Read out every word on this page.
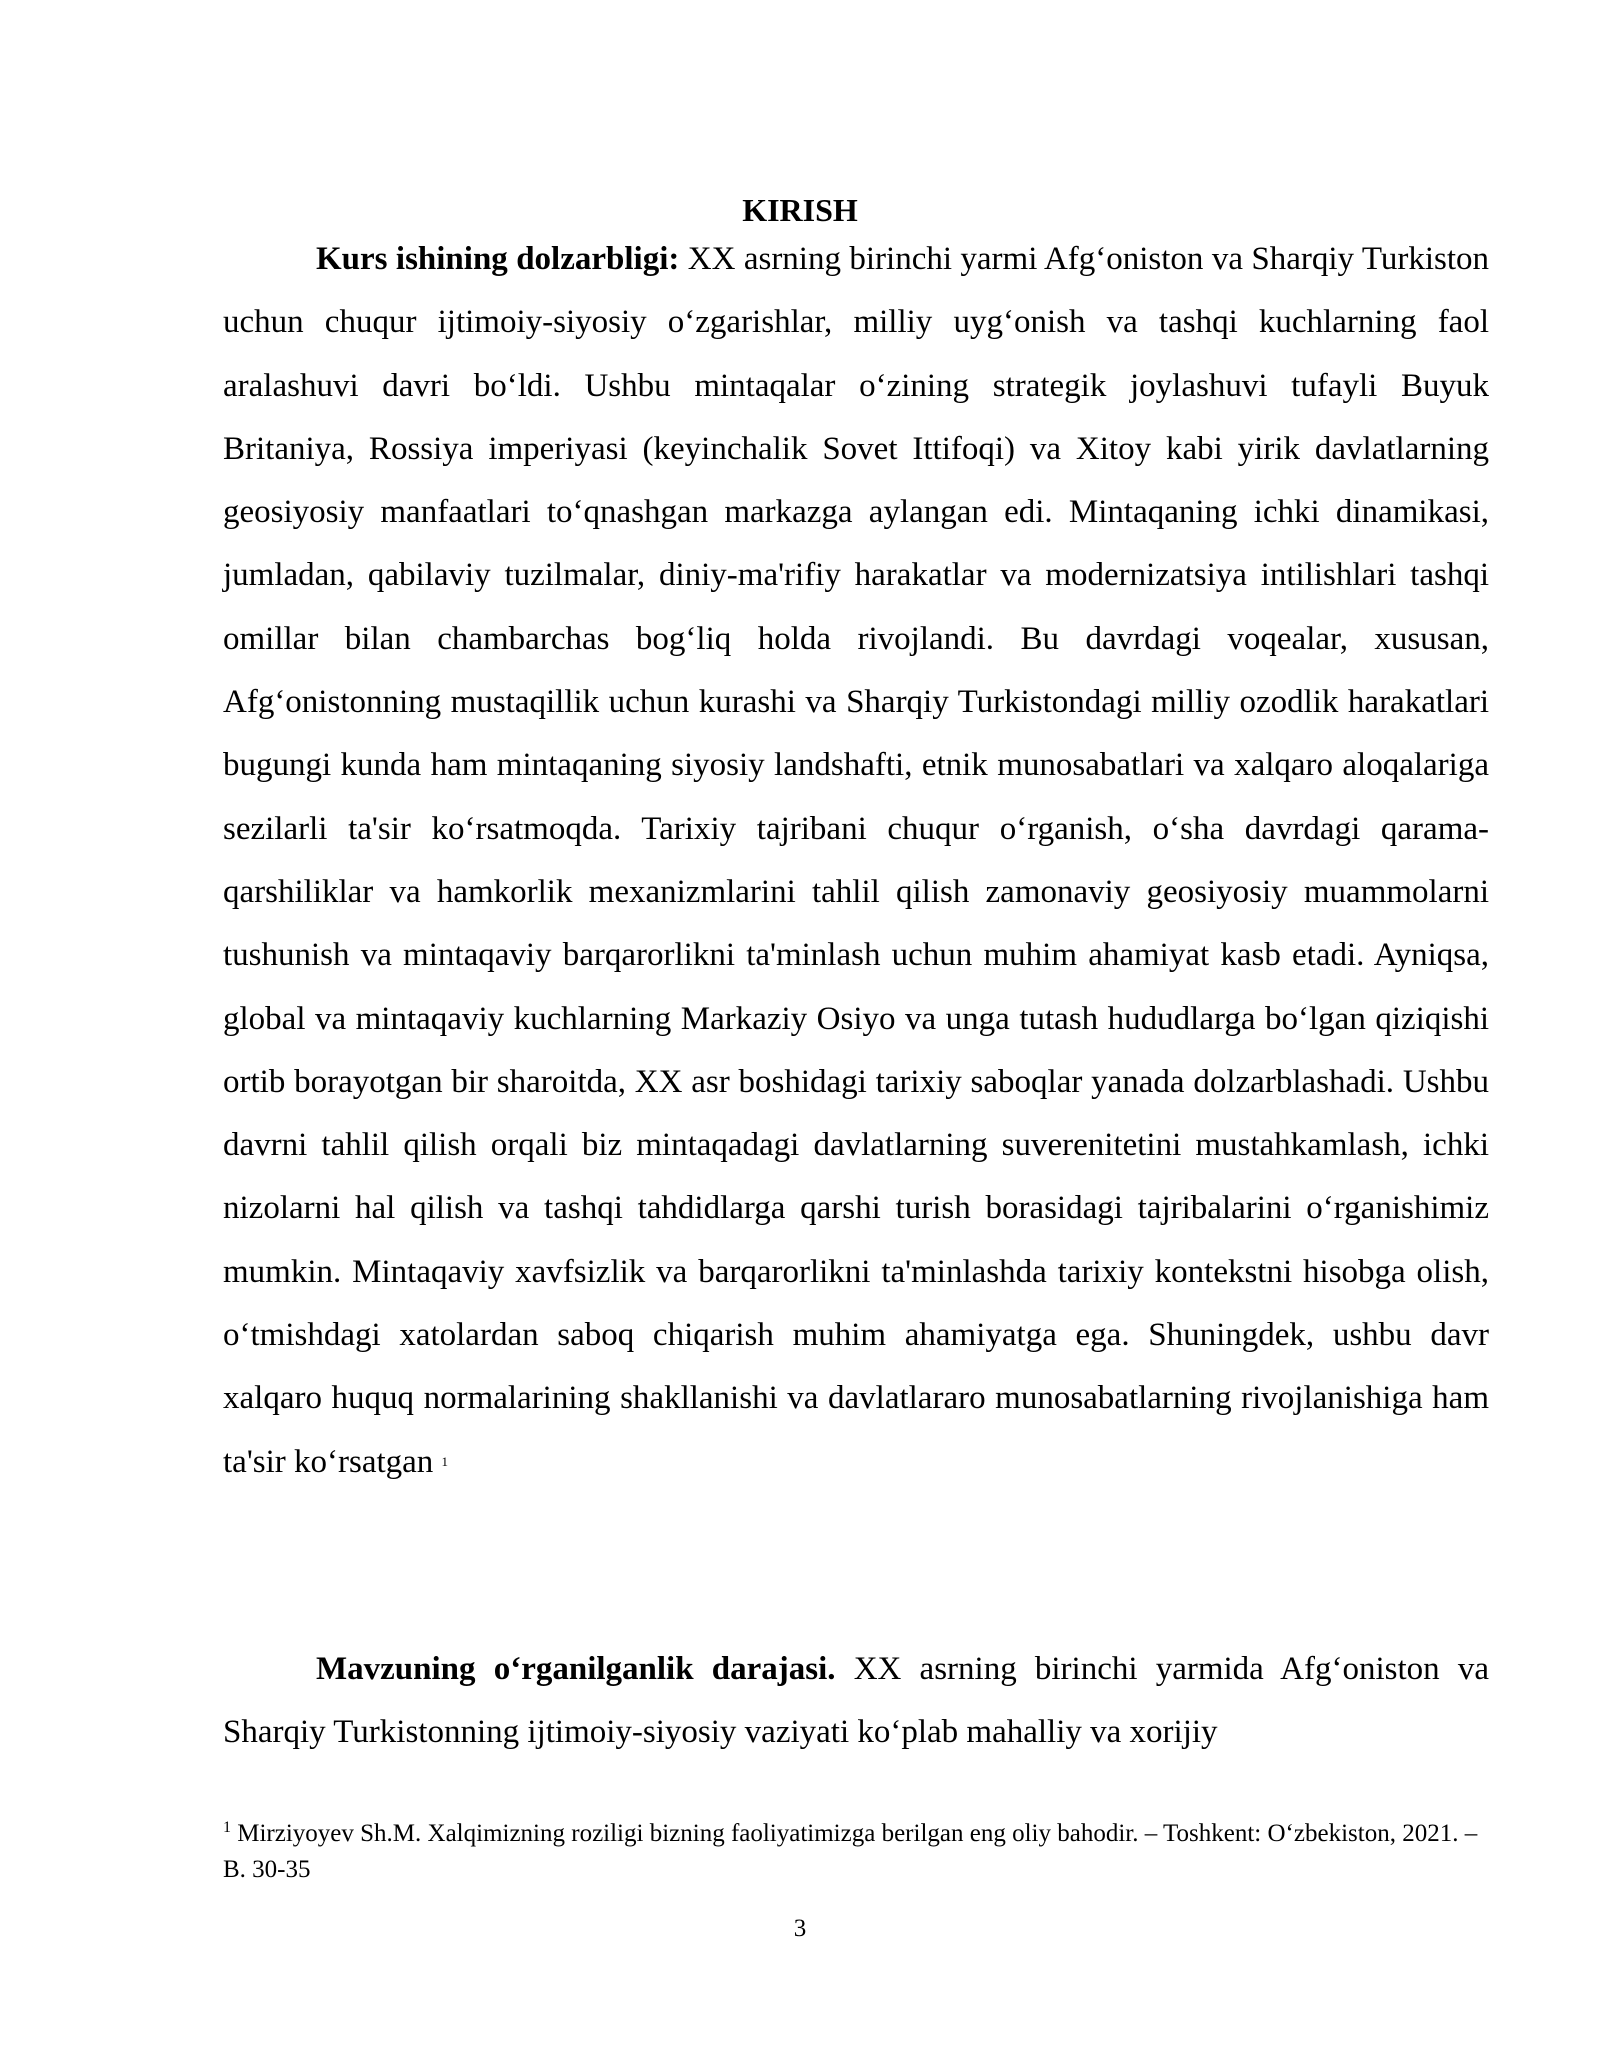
KIRISH

Kurs ishining dolzarbligi: XX asrning birinchi yarmi Afg‘oniston va Sharqiy Turkiston uchun chuqur ijtimoiy-siyosiy o‘zgarishlar, milliy uyg‘onish va tashqi kuchlarning faol aralashuvi davri bo‘ldi. Ushbu mintaqalar o‘zining strategik joylashuvi tufayli Buyuk Britaniya, Rossiya imperiyasi (keyinchalik Sovet Ittifoqi) va Xitoy kabi yirik davlatlarning geosiyosiy manfaatlari to‘qnashgan markazga aylangan edi. Mintaqaning ichki dinamikasi, jumladan, qabilaviy tuzilmalar, diniy-ma'rifiy harakatlar va modernizatsiya intilishlari tashqi omillar bilan chambarchas bog‘liq holda rivojlandi. Bu davrdagi voqealar, xususan, Afg‘onistonning mustaqillik uchun kurashi va Sharqiy Turkistondagi milliy ozodlik harakatlari bugungi kunda ham mintaqaning siyosiy landshafti, etnik munosabatlari va xalqaro aloqalariga sezilarli ta'sir ko‘rsatmoqda. Tarixiy tajribani chuqur o‘rganish, o‘sha davrdagi qarama-qarshiliklar va hamkorlik mexanizmlarini tahlil qilish zamonaviy geosiyosiy muammolarni tushunish va mintaqaviy barqarorlikni ta'minlash uchun muhim ahamiyat kasb etadi. Ayniqsa, global va mintaqaviy kuchlarning Markaziy Osiyo va unga tutash hududlarga bo‘lgan qiziqishi ortib borayotgan bir sharoitda, XX asr boshidagi tarixiy saboqlar yanada dolzarblashadi. Ushbu davrni tahlil qilish orqali biz mintaqadagi davlatlarning suverenitetini mustahkamlash, ichki nizolarni hal qilish va tashqi tahdidlarga qarshi turish borasidagi tajribalarini o‘rganishimiz mumkin. Mintaqaviy xavfsizlik va barqarorlikni ta'minlashda tarixiy kontekstni hisobga olish, o‘tmishdagi xatolardan saboq chiqarish muhim ahamiyatga ega. Shuningdek, ushbu davr xalqaro huquq normalarining shakllanishi va davlatlararo munosabatlarning rivojlanishiga ham ta'sir ko‘rsatgan $^1$

Mavzuning o‘rganilganlik darajasi. XX asrning birinchi yarmida Afg‘oniston va Sharqiy Turkistonning ijtimoiy-siyosiy vaziyati ko‘plab mahalliy va xorijiy

$^1$ Mirziyoyev Sh.M. Xalqimizning roziligi bizning faoliyatimizga berilgan eng oliy bahodir. – Toshkent: O‘zbekiston, 2021. – B. 30-35

3
